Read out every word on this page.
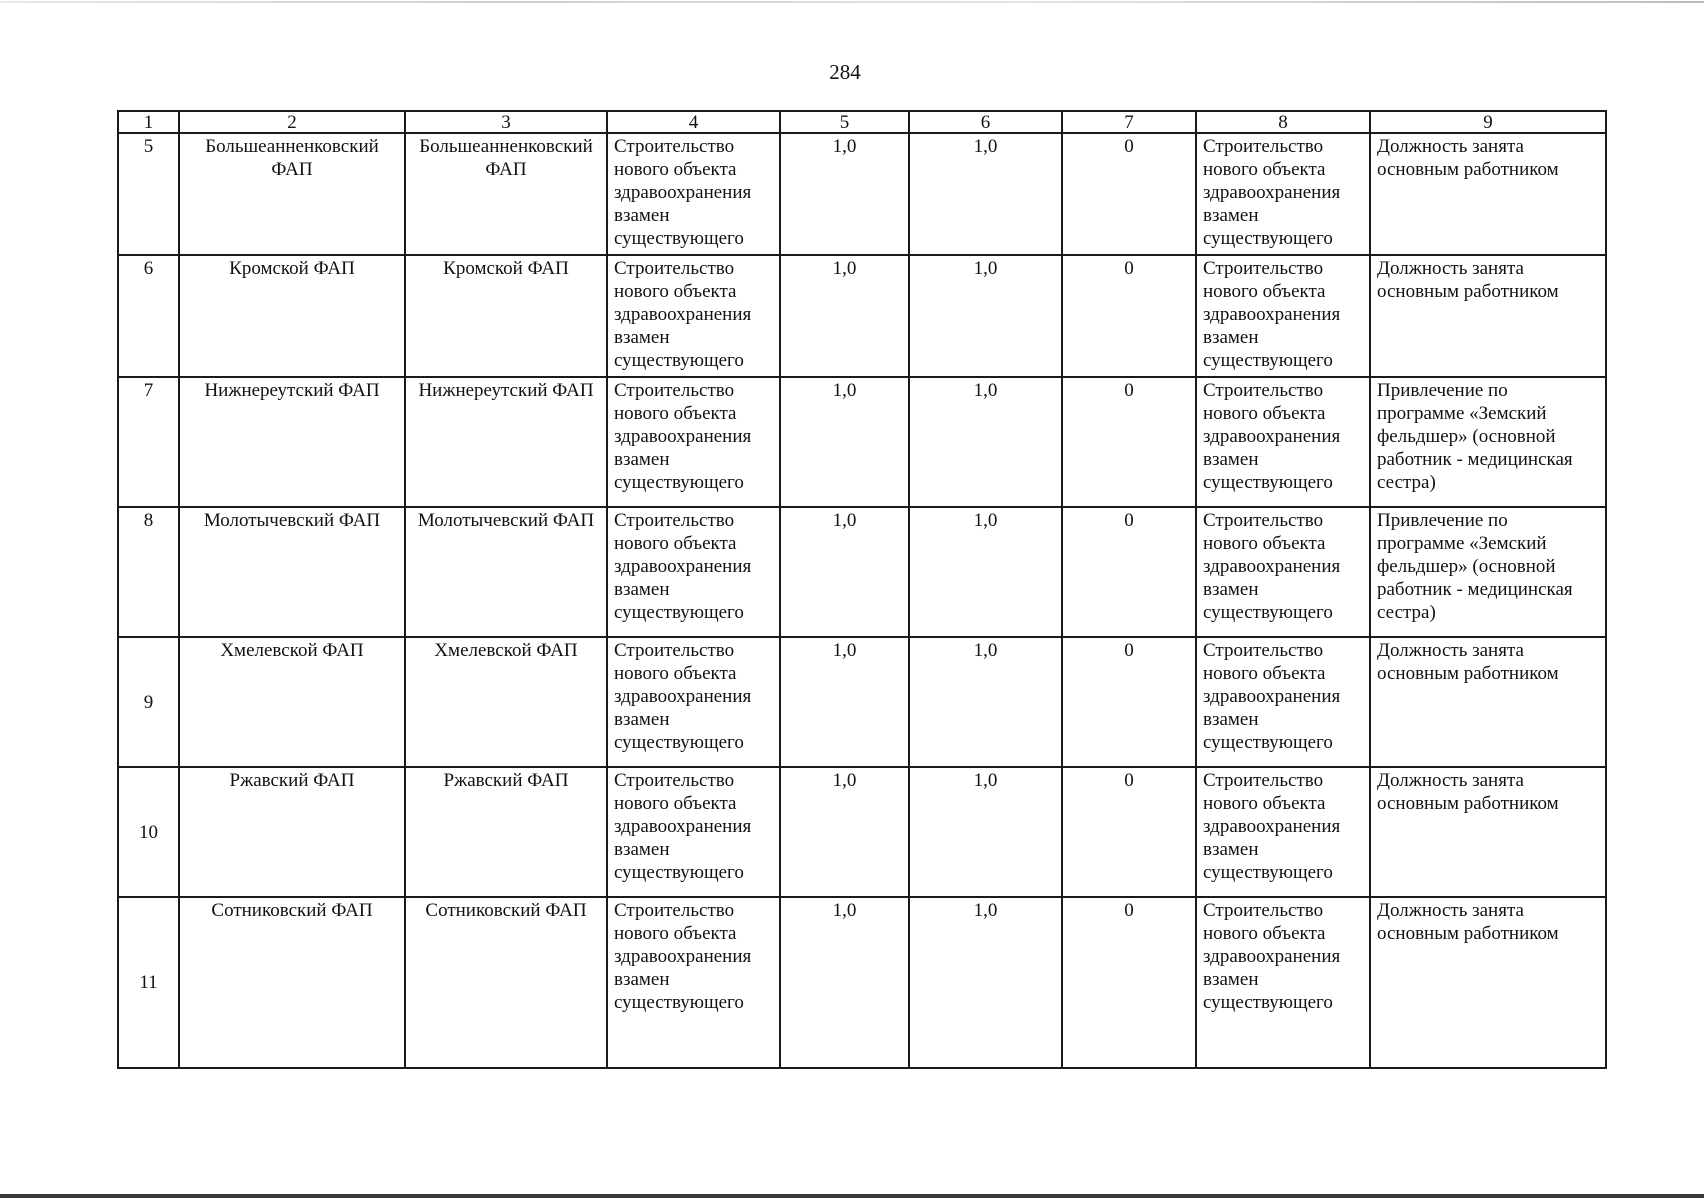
284
1	2	3	4	5	6	7	8	9
5	Большеанненковский ФАП	Большеанненковский ФАП	Строительство нового объекта здравоохранения взамен существующего	1,0	1,0	0	Строительство нового объекта здравоохранения взамен существующего	Должность занята основным работником
6	Кромской ФАП	Кромской ФАП	Строительство нового объекта здравоохранения взамен существующего	1,0	1,0	0	Строительство нового объекта здравоохранения взамен существующего	Должность занята основным работником
7	Нижнереутский ФАП	Нижнереутский ФАП	Строительство нового объекта здравоохранения взамен существующего	1,0	1,0	0	Строительство нового объекта здравоохранения взамен существующего	Привлечение по программе «Земский фельдшер» (основной работник - медицинская сестра)
8	Молотычевский ФАП	Молотычевский ФАП	Строительство нового объекта здравоохранения взамен существующего	1,0	1,0	0	Строительство нового объекта здравоохранения взамен существующего	Привлечение по программе «Земский фельдшер» (основной работник - медицинская сестра)
9	Хмелевской ФАП	Хмелевской ФАП	Строительство нового объекта здравоохранения взамен существующего	1,0	1,0	0	Строительство нового объекта здравоохранения взамен существующего	Должность занята основным работником
10	Ржавский ФАП	Ржавский ФАП	Строительство нового объекта здравоохранения взамен существующего	1,0	1,0	0	Строительство нового объекта здравоохранения взамен существующего	Должность занята основным работником
11	Сотниковский ФАП	Сотниковский ФАП	Строительство нового объекта здравоохранения взамен существующего	1,0	1,0	0	Строительство нового объекта здравоохранения взамен существующего	Должность занята основным работником
